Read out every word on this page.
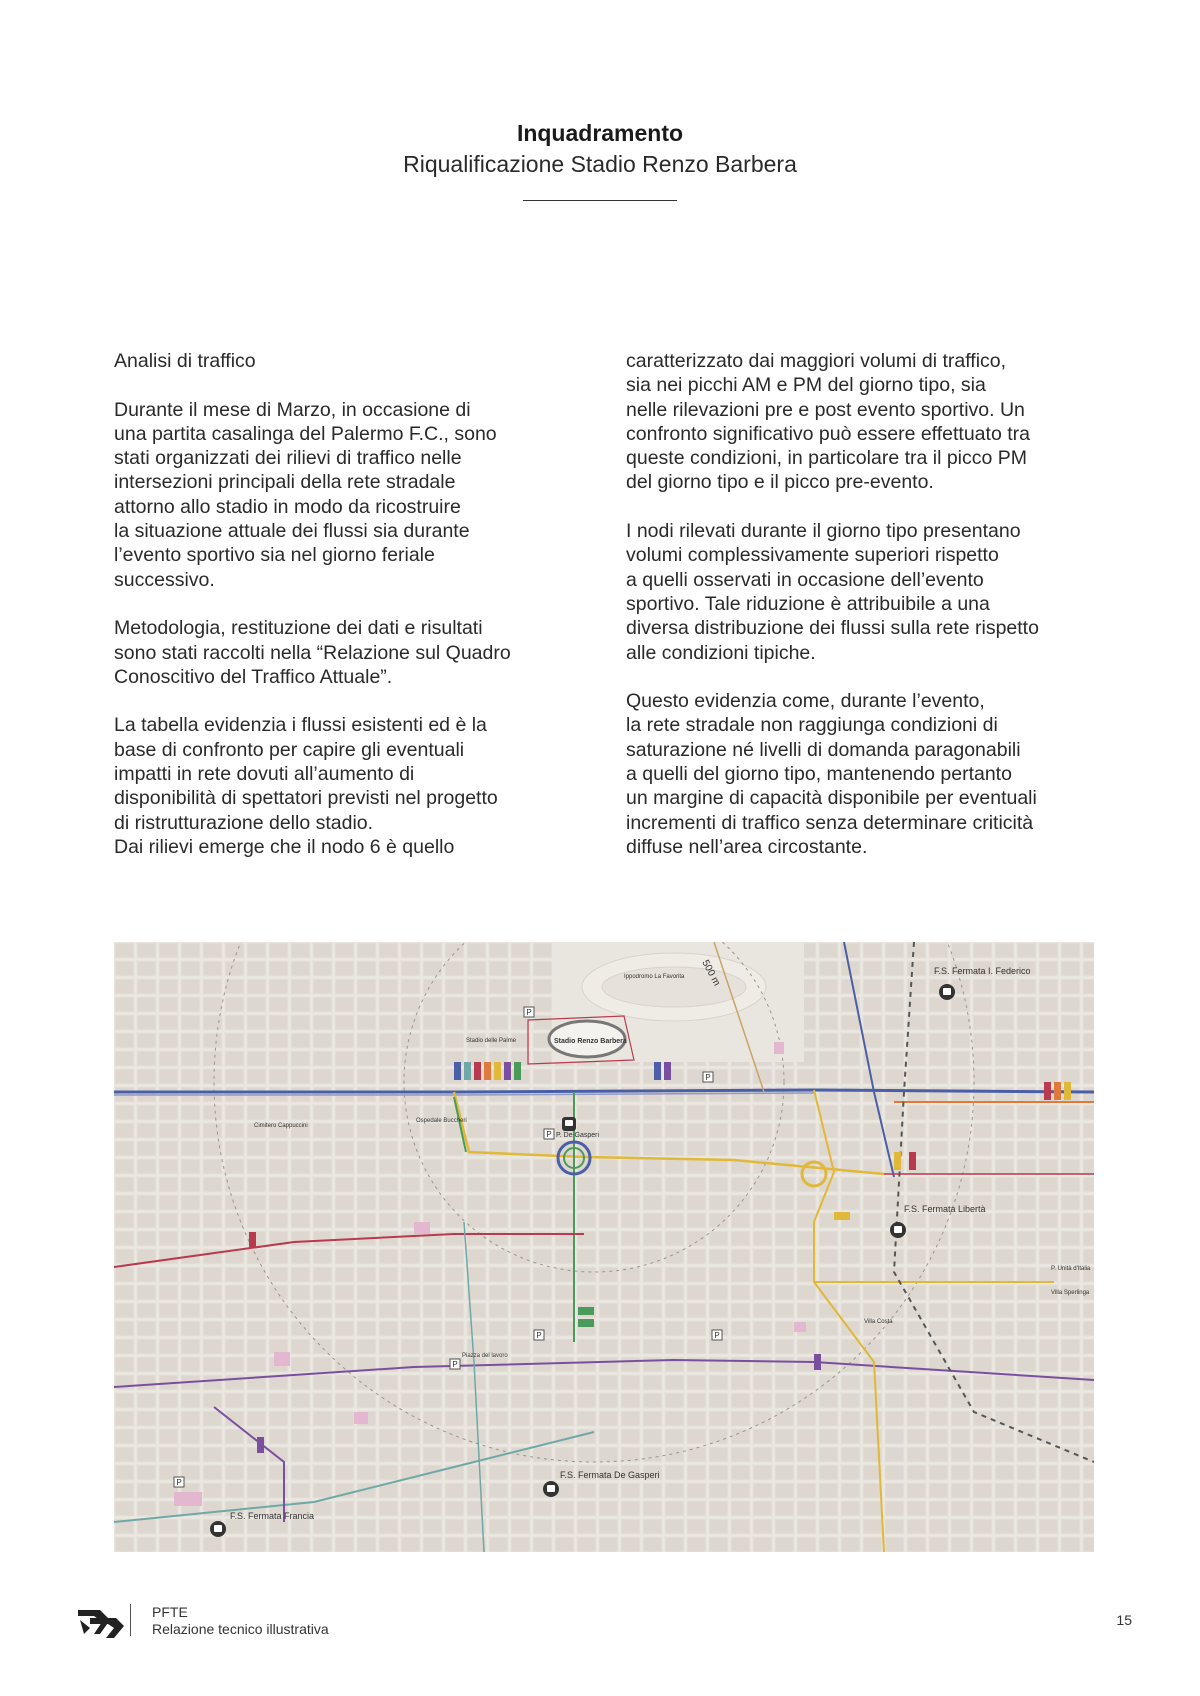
Inquadramento
Riqualificazione Stadio Renzo Barbera

Analisi di traffico

Durante il mese di Marzo, in occasione di
una partita casalinga del Palermo F.C., sono
stati organizzati dei rilievi di traffico nelle
intersezioni principali della rete stradale
attorno allo stadio in modo da ricostruire
la situazione attuale dei flussi sia durante
l’evento sportivo sia nel giorno feriale
successivo.

Metodologia, restituzione dei dati e risultati
sono stati raccolti nella “Relazione sul Quadro
Conoscitivo del Traffico Attuale”.

La tabella evidenzia i flussi esistenti ed è la
base di confronto per capire gli eventuali
impatti in rete dovuti all’aumento di
disponibilità di spettatori previsti nel progetto
di ristrutturazione dello stadio.
Dai rilievi emerge che il nodo 6 è quello

caratterizzato dai maggiori volumi di traffico,
sia nei picchi AM e PM del giorno tipo, sia
nelle rilevazioni pre e post evento sportivo. Un
confronto significativo può essere effettuato tra
queste condizioni, in particolare tra il picco PM
del giorno tipo e il picco pre-evento.

I nodi rilevati durante il giorno tipo presentano
volumi complessivamente superiori rispetto
a quelli osservati in occasione dell’evento
sportivo. Tale riduzione è attribuibile a una
diversa distribuzione dei flussi sulla rete rispetto
alle condizioni tipiche.

Questo evidenzia come, durante l’evento,
la rete stradale non raggiunga condizioni di
saturazione né livelli di domanda paragonabili
a quelli del giorno tipo, mantenendo pertanto
un margine di capacità disponibile per eventuali
incrementi di traffico senza determinare criticità
diffuse nell’area circostante.

P
P
P	P
P
P
P
500 m
Stadio Renzo Barbera
Ippodromo La Favorita
Stadio delle Palme
Cimitero Cappuccini
Ospedale Buccheri
P. De Gasperi
Villa Costa
Villa Sperlinga
P. Unità d'Italia
Piazza del lavoro
F.S. Fermata I. Federico
F.S. Fermata Libertà
F.S. Fermata De Gasperi
F.S. Fermata Francia
PFTE
Relazione tecnico illustrativa
15
